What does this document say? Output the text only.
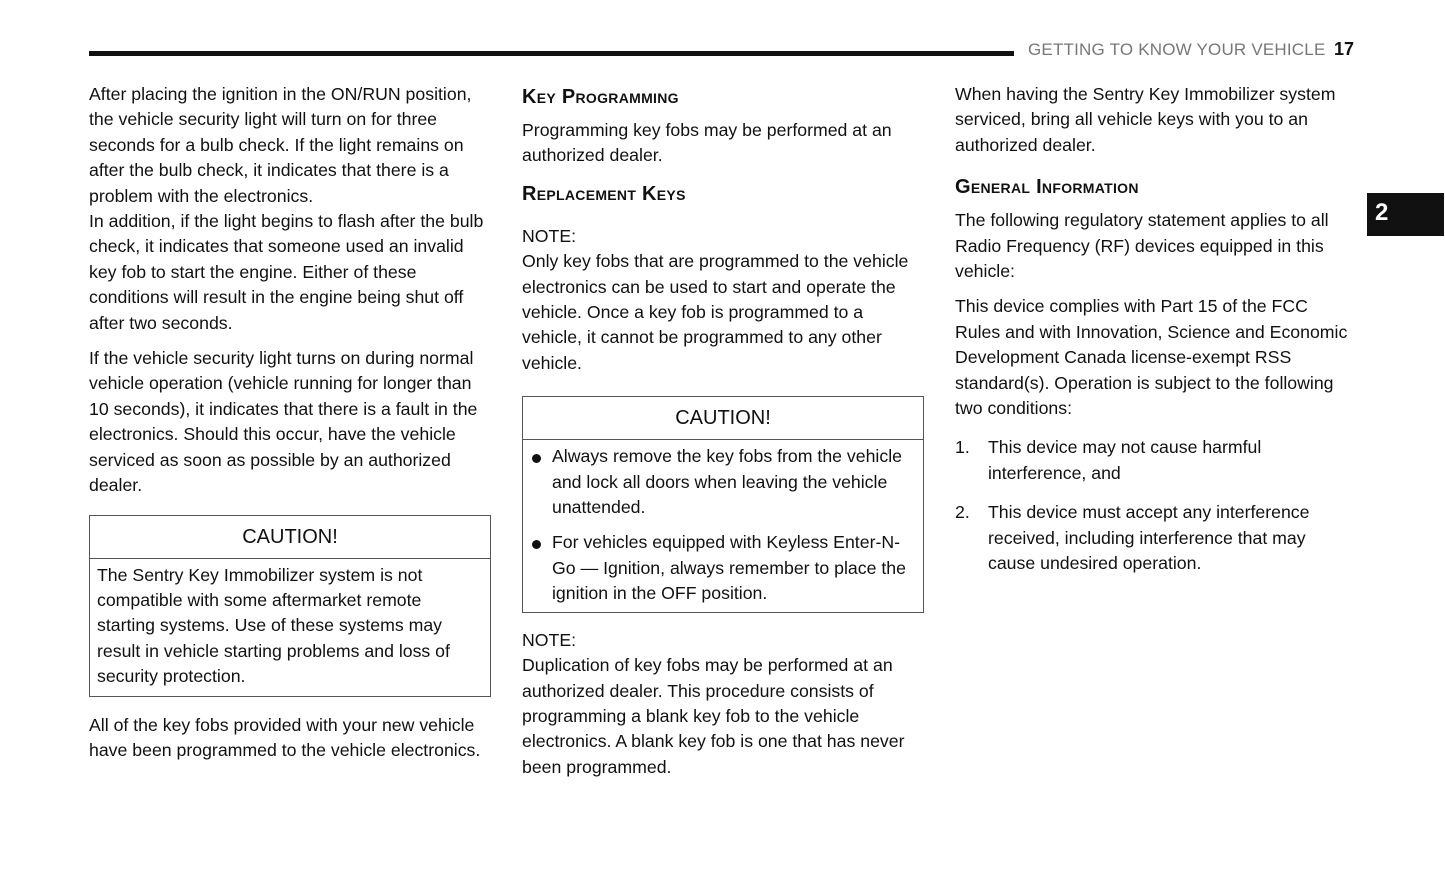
GETTING TO KNOW YOUR VEHICLE 17
2

After placing the ignition in the ON/RUN position, the vehicle security light will turn on for three seconds for a bulb check. If the light remains on after the bulb check, it indicates that there is a problem with the electronics.

In addition, if the light begins to flash after the bulb check, it indicates that someone used an invalid key fob to start the engine. Either of these conditions will result in the engine being shut off after two seconds.

If the vehicle security light turns on during normal vehicle operation (vehicle running for longer than 10 seconds), it indicates that there is a fault in the electronics. Should this occur, have the vehicle serviced as soon as possible by an authorized dealer.

CAUTION!

The Sentry Key Immobilizer system is not compatible with some aftermarket remote starting systems. Use of these systems may result in vehicle starting problems and loss of security protection.

All of the key fobs provided with your new vehicle have been programmed to the vehicle electronics.

Key Programming

Programming key fobs may be performed at an authorized dealer.

Replacement Keys

NOTE:

Only key fobs that are programmed to the vehicle electronics can be used to start and operate the vehicle. Once a key fob is programmed to a vehicle, it cannot be programmed to any other vehicle.

CAUTION!
Always remove the key fobs from the vehicle and lock all doors when leaving the vehicle unattended.
For vehicles equipped with Keyless Enter-N-Go — Ignition, always remember to place the ignition in the OFF position.

NOTE:

Duplication of key fobs may be performed at an authorized dealer. This procedure consists of programming a blank key fob to the vehicle electronics. A blank key fob is one that has never been programmed.

When having the Sentry Key Immobilizer system serviced, bring all vehicle keys with you to an authorized dealer.

General Information

The following regulatory statement applies to all Radio Frequency (RF) devices equipped in this vehicle:

This device complies with Part 15 of the FCC Rules and with Innovation, Science and Economic Development Canada license-exempt RSS standard(s). Operation is subject to the following two conditions:

1. This device may not cause harmful interference, and
2. This device must accept any interference received, including interference that may cause undesired operation.
